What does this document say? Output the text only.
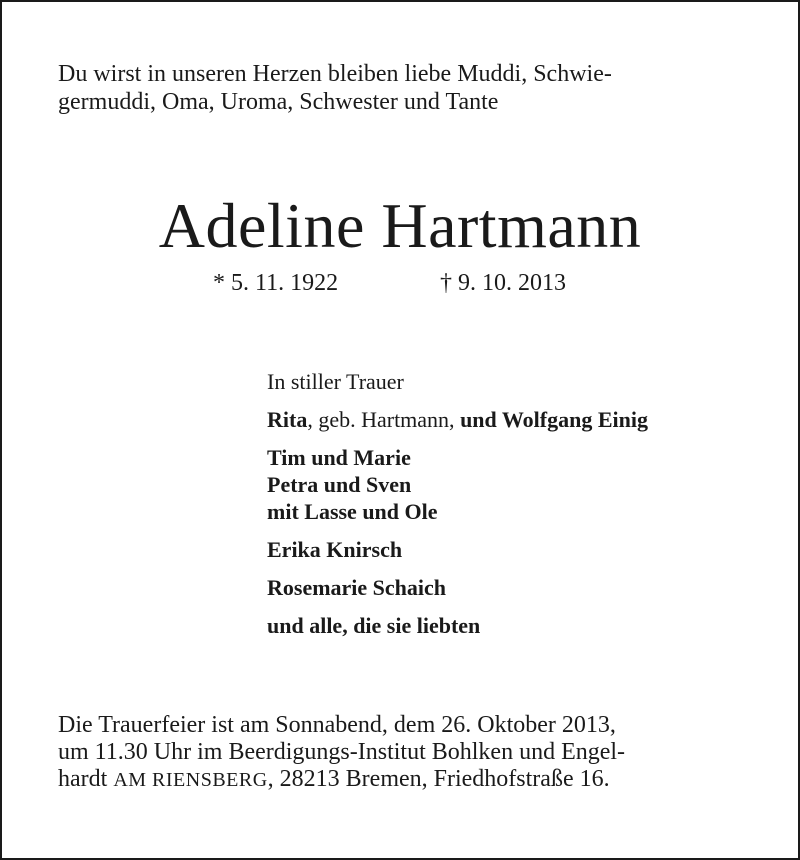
Du wirst in unseren Herzen bleiben liebe Muddi, Schwie-
germuddi, Oma, Uroma, Schwester und Tante
Adeline Hartmann
* 5. 11. 1922	† 9. 10. 2013
In stiller Trauer
Rita, geb. Hartmann, und Wolfgang Einig
Tim und Marie
Petra und Sven
mit Lasse und Ole
Erika Knirsch
Rosemarie Schaich
und alle, die sie liebten
Die Trauerfeier ist am Sonnabend, dem 26. Oktober 2013,
um 11.30 Uhr im Beerdigungs-Institut Bohlken und Engel-
hardt AM RIENSBERG, 28213 Bremen, Friedhofstraße 16.
